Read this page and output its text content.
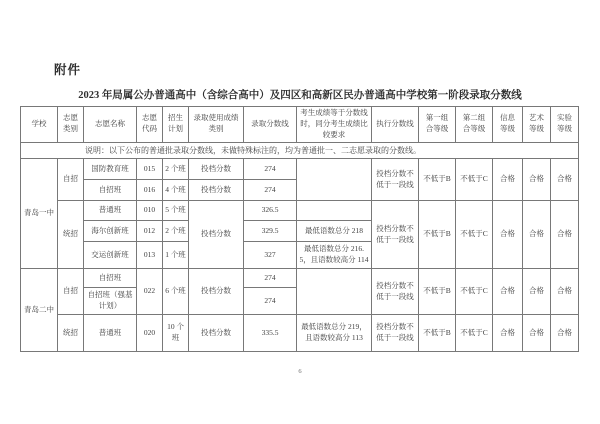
附件
2023 年局属公办普通高中（含综合高中）及四区和高新区民办普通高中学校第一阶段录取分数线
学校	志愿类别	志愿名称	志愿代码	招生计划	录取使用成绩类别	录取分数线	考生成绩等于分数线时，同分考生成绩比较要求	执行分数线	第一组合等级	第二组合等级	信息等级	艺术等级	实验等级
说明：以下公布的普通批录取分数线，未做特殊标注的，均为普通批一、二志愿录取的分数线。													
青岛一中	自招	国防教育班	015	2 个班	投档分数	274		投档分数不低于一段线	不低于B	不低于C	合格	合格	合格
		自招班	016	4 个班	投档分数	274							
	统招	普通班	010	5 个班	投档分数	326.5		投档分数不低于一段线	不低于B	不低于C	合格	合格	合格
		海尔创新班	012	2 个班		329.5	最低语数总分 218						
		交运创新班	013	1 个班		327	最低语数总分 216.5，且语数较高分 114						
青岛二中	自招	自招班	022	6 个班	投档分数	274		投档分数不低于一段线	不低于B	不低于C	合格	合格	合格
		自招班（强基计划）				274							
	统招	普通班	020	10 个班	投档分数	335.5	最低语数总分 219，且语数较高分 113	投档分数不低于一段线	不低于B	不低于C	合格	合格	合格
6
